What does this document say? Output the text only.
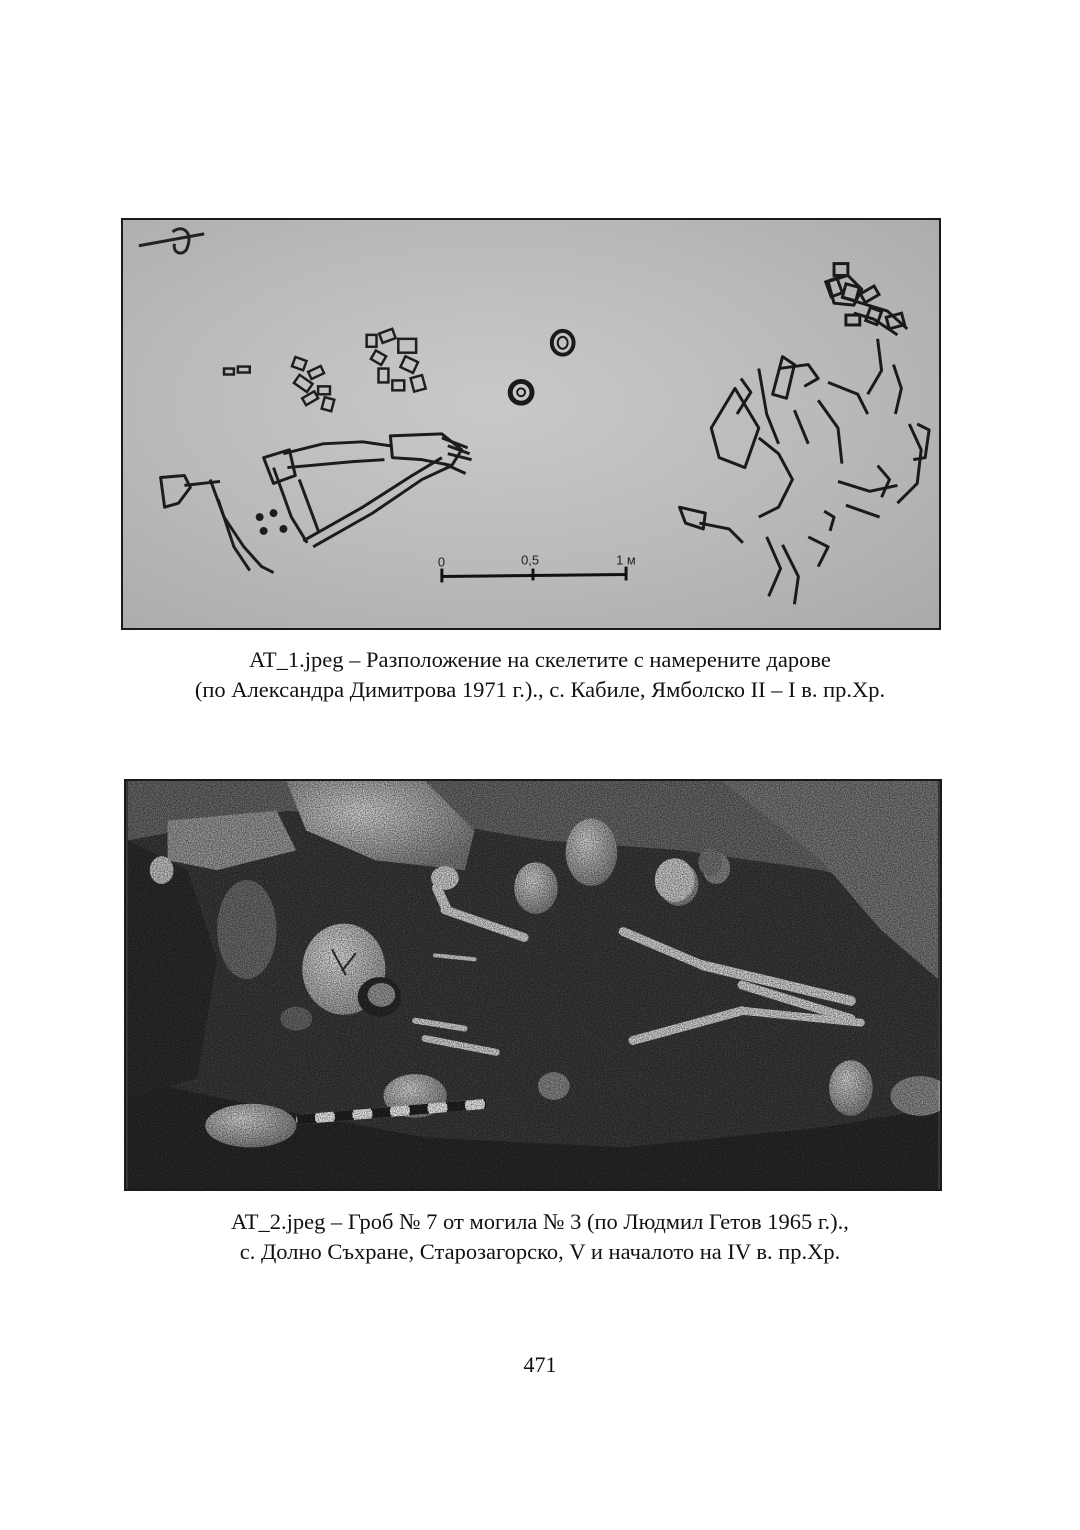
0	0,5	1 м

AT_1.jpeg – Разположение на скелетите с намерените дарове
(по Александра Димитрова 1971 г.)., с. Кабиле, Ямболско II – I в. пр.Хр.

AT_2.jpeg – Гроб № 7 от могила № 3 (по Людмил Гетов 1965 г.).,
с. Долно Съхране, Старозагорско, V и началото на IV в. пр.Хр.

471
